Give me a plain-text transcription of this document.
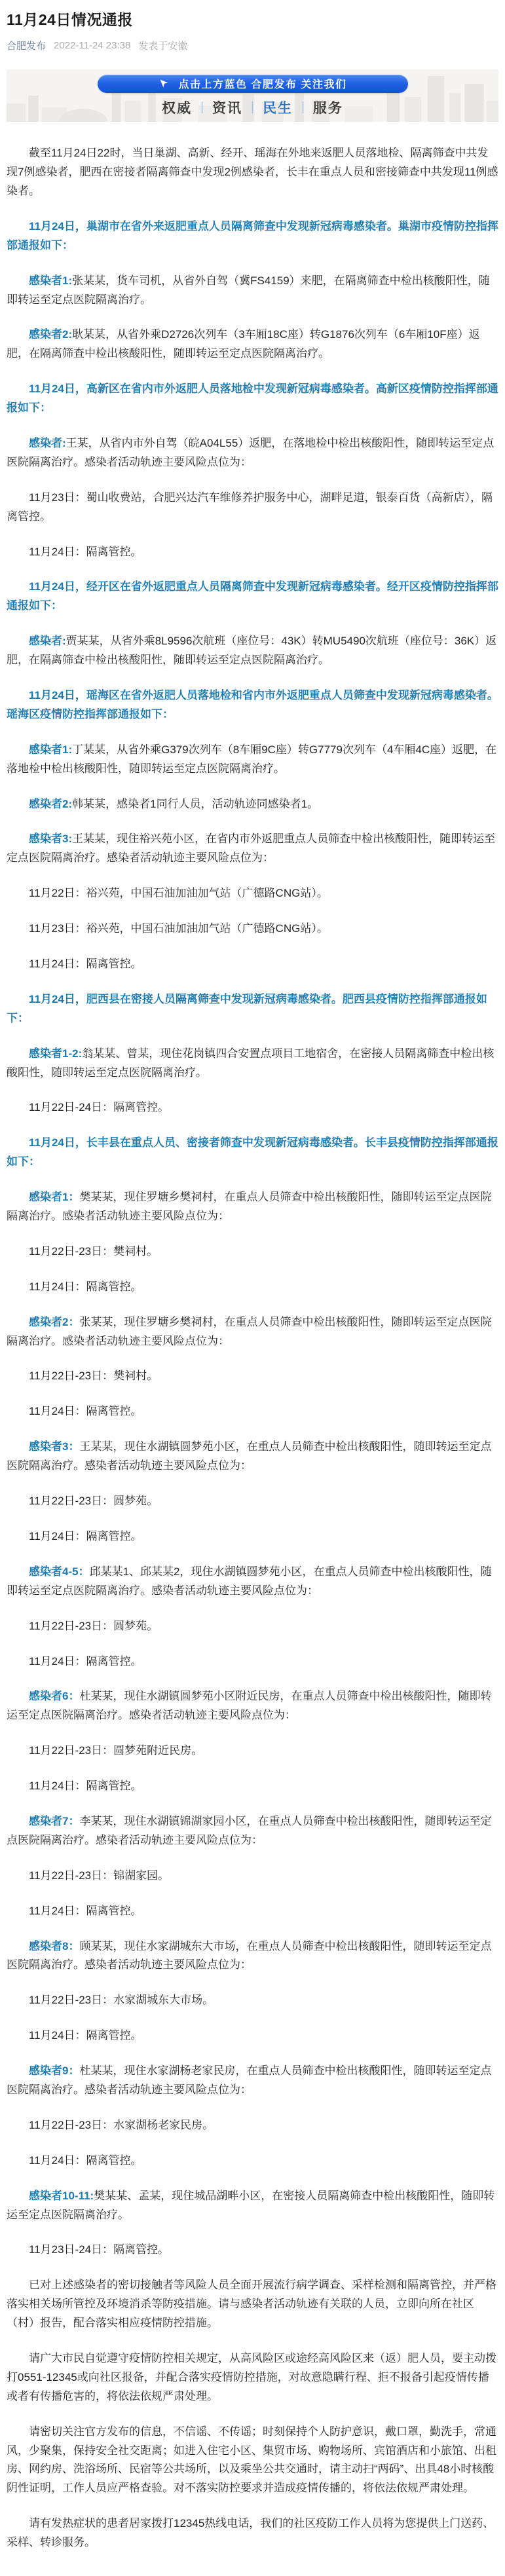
11月24日情况通报
合肥发布 2022-11-24 23:38 发表于安徽
点击上方蓝色 合肥发布 关注我们
权威 | 资讯 | 民生 | 服务

截至11月24日22时，当日巢湖、高新、经开、瑶海在外地来返肥人员落地检、隔离筛查中共发现7例感染者，肥西在密接者隔离筛查中发现2例感染者，长丰在重点人员和密接筛查中共发现11例感染者。

11月24日，巢湖市在省外来返肥重点人员隔离筛查中发现新冠病毒感染者。巢湖市疫情防控指挥部通报如下：

感染者1:张某某，货车司机，从省外自驾（冀FS4159）来肥，在隔离筛查中检出核酸阳性，随即转运至定点医院隔离治疗。

感染者2:耿某某，从省外乘D2726次列车（3车厢18C座）转G1876次列车（6车厢10F座）返肥，在隔离筛查中检出核酸阳性，随即转运至定点医院隔离治疗。

11月24日，高新区在省内市外返肥人员落地检中发现新冠病毒感染者。高新区疫情防控指挥部通报如下：

感染者:王某，从省内市外自驾（皖A04L55）返肥，在落地检中检出核酸阳性，随即转运至定点医院隔离治疗。感染者活动轨迹主要风险点位为：

11月23日：蜀山收费站，合肥兴达汽车维修养护服务中心，湖畔足道，银泰百货（高新店），隔离管控。

11月24日：隔离管控。

11月24日，经开区在省外返肥重点人员隔离筛查中发现新冠病毒感染者。经开区疫情防控指挥部通报如下：

感染者:贾某某，从省外乘8L9596次航班（座位号：43K）转MU5490次航班（座位号：36K）返肥，在隔离筛查中检出核酸阳性，随即转运至定点医院隔离治疗。

11月24日，瑶海区在省外返肥人员落地检和省内市外返肥重点人员筛查中发现新冠病毒感染者。瑶海区疫情防控指挥部通报如下：

感染者1:丁某某，从省外乘G379次列车（8车厢9C座）转G7779次列车（4车厢4C座）返肥，在落地检中检出核酸阳性，随即转运至定点医院隔离治疗。

感染者2:韩某某，感染者1同行人员，活动轨迹同感染者1。

感染者3:王某某，现住裕兴苑小区，在省内市外返肥重点人员筛查中检出核酸阳性，随即转运至定点医院隔离治疗。感染者活动轨迹主要风险点位为：

11月22日：裕兴苑，中国石油加油加气站（广德路CNG站）。

11月23日：裕兴苑，中国石油加油加气站（广德路CNG站）。

11月24日：隔离管控。

11月24日，肥西县在密接人员隔离筛查中发现新冠病毒感染者。肥西县疫情防控指挥部通报如下：

感染者1-2:翁某某、曾某，现住花岗镇四合安置点项目工地宿舍，在密接人员隔离筛查中检出核酸阳性，随即转运至定点医院隔离治疗。

11月22日-24日：隔离管控。

11月24日，长丰县在重点人员、密接者筛查中发现新冠病毒感染者。长丰县疫情防控指挥部通报如下：

感染者1：樊某某，现住罗塘乡樊祠村，在重点人员筛查中检出核酸阳性，随即转运至定点医院隔离治疗。感染者活动轨迹主要风险点位为：

11月22日-23日：樊祠村。

11月24日：隔离管控。

感染者2：张某某，现住罗塘乡樊祠村，在重点人员筛查中检出核酸阳性，随即转运至定点医院隔离治疗。感染者活动轨迹主要风险点位为：

11月22日-23日：樊祠村。

11月24日：隔离管控。

感染者3：王某某，现住水湖镇圆梦苑小区，在重点人员筛查中检出核酸阳性，随即转运至定点医院隔离治疗。感染者活动轨迹主要风险点位为：

11月22日-23日：圆梦苑。

11月24日：隔离管控。

感染者4-5：邱某某1、邱某某2，现住水湖镇圆梦苑小区，在重点人员筛查中检出核酸阳性，随即转运至定点医院隔离治疗。感染者活动轨迹主要风险点位为：

11月22日-23日：圆梦苑。

11月24日：隔离管控。

感染者6：杜某某，现住水湖镇圆梦苑小区附近民房，在重点人员筛查中检出核酸阳性，随即转运至定点医院隔离治疗。感染者活动轨迹主要风险点位为：

11月22日-23日：圆梦苑附近民房。

11月24日：隔离管控。

感染者7：李某某，现住水湖镇锦湖家园小区，在重点人员筛查中检出核酸阳性，随即转运至定点医院隔离治疗。感染者活动轨迹主要风险点位为：

11月22日-23日：锦湖家园。

11月24日：隔离管控。

感染者8：顾某某，现住水家湖城东大市场，在重点人员筛查中检出核酸阳性，随即转运至定点医院隔离治疗。感染者活动轨迹主要风险点位为：

11月22日-23日：水家湖城东大市场。

11月24日：隔离管控。

感染者9：杜某某，现住水家湖杨老家民房，在重点人员筛查中检出核酸阳性，随即转运至定点医院隔离治疗。感染者活动轨迹主要风险点位为：

11月22日-23日：水家湖杨老家民房。

11月24日：隔离管控。

感染者10-11:樊某某、孟某，现住城品湖畔小区，在密接人员隔离筛查中检出核酸阳性，随即转运至定点医院隔离治疗。

11月23日-24日：隔离管控。

已对上述感染者的密切接触者等风险人员全面开展流行病学调查、采样检测和隔离管控，并严格落实相关场所管控及环境消杀等防疫措施。请与感染者活动轨迹有关联的人员，立即向所在社区（村）报告，配合落实相应疫情防控措施。

请广大市民自觉遵守疫情防控相关规定，从高风险区或途经高风险区来（返）肥人员，要主动拨打0551-12345或向社区报备，并配合落实疫情防控措施，对故意隐瞒行程、拒不报备引起疫情传播或者有传播危害的，将依法依规严肃处理。

请密切关注官方发布的信息，不信谣、不传谣；时刻保持个人防护意识，戴口罩，勤洗手，常通风，少聚集，保持安全社交距离；如进入住宅小区、集贸市场、购物场所、宾馆酒店和小旅馆、出租房、网约房、洗浴场所、民宿等公共场所，以及乘坐公共交通时，请主动扫“两码”、出具48小时核酸阴性证明，工作人员应严格查验。对不落实防控要求并造成疫情传播的，将依法依规严肃处理。

请有发热症状的患者居家拨打12345热线电话，我们的社区疫防工作人员将为您提供上门送药、采样、转诊服务。
